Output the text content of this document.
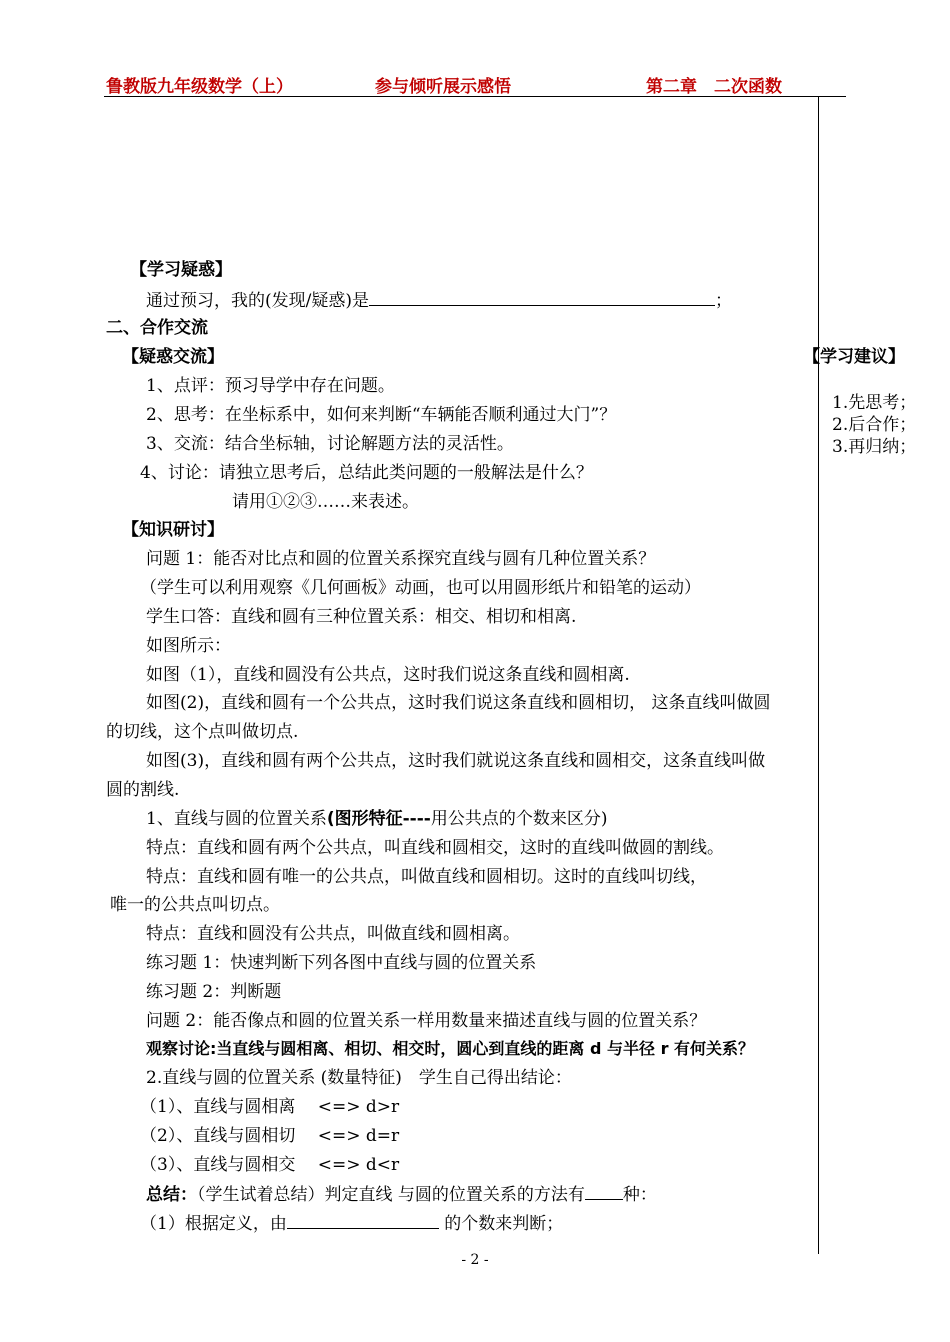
鲁教版九年级数学（上）	参与倾听展示感悟	第二章　二次函数
【学习疑惑】
通过预习，我的(发现/疑惑)是	；
二、合作交流
【疑惑交流】
1、点评：预习导学中存在问题。
2、思考：在坐标系中，如何来判断“车辆能否顺利通过大门”？
3、交流：结合坐标轴，讨论解题方法的灵活性。
4、讨论：请独立思考后，总结此类问题的一般解法是什么？
请用①②③……来表述。
【知识研讨】
问题 1：能否对比点和圆的位置关系探究直线与圆有几种位置关系？
（学生可以利用观察《几何画板》动画，也可以用圆形纸片和铅笔的运动）
学生口答：直线和圆有三种位置关系：相交、相切和相离.
如图所示：
如图（1），直线和圆没有公共点，这时我们说这条直线和圆相离.
如图(2)，直线和圆有一个公共点，这时我们说这条直线和圆相切， 这条直线叫做圆
的切线，这个点叫做切点.
如图(3)，直线和圆有两个公共点，这时我们就说这条直线和圆相交，这条直线叫做
圆的割线.
1、直线与圆的位置关系(图形特征----用公共点的个数来区分)
特点：直线和圆有两个公共点，叫直线和圆相交，这时的直线叫做圆的割线。
特点：直线和圆有唯一的公共点，叫做直线和圆相切。这时的直线叫切线，
唯一的公共点叫切点。
特点：直线和圆没有公共点，叫做直线和圆相离。
练习题 1：快速判断下列各图中直线与圆的位置关系
练习题 2：判断题
问题 2：能否像点和圆的位置关系一样用数量来描述直线与圆的位置关系？
观察讨论:当直线与圆相离、相切、相交时，圆心到直线的距离 d 与半径 r 有何关系？
2.直线与圆的位置关系 (数量特征)　学生自己得出结论：
（1）、直线与圆相离　 <=> d>r
（2）、直线与圆相切　 <=> d=r
（3）、直线与圆相交　 <=> d<r
总结：（学生试着总结）判定直线 与圆的位置关系的方法有 种：
（1）根据定义，由	的个数来判断；
【学习建议】
1.先思考；
2.后合作；
3.再归纳；
- 2 -
